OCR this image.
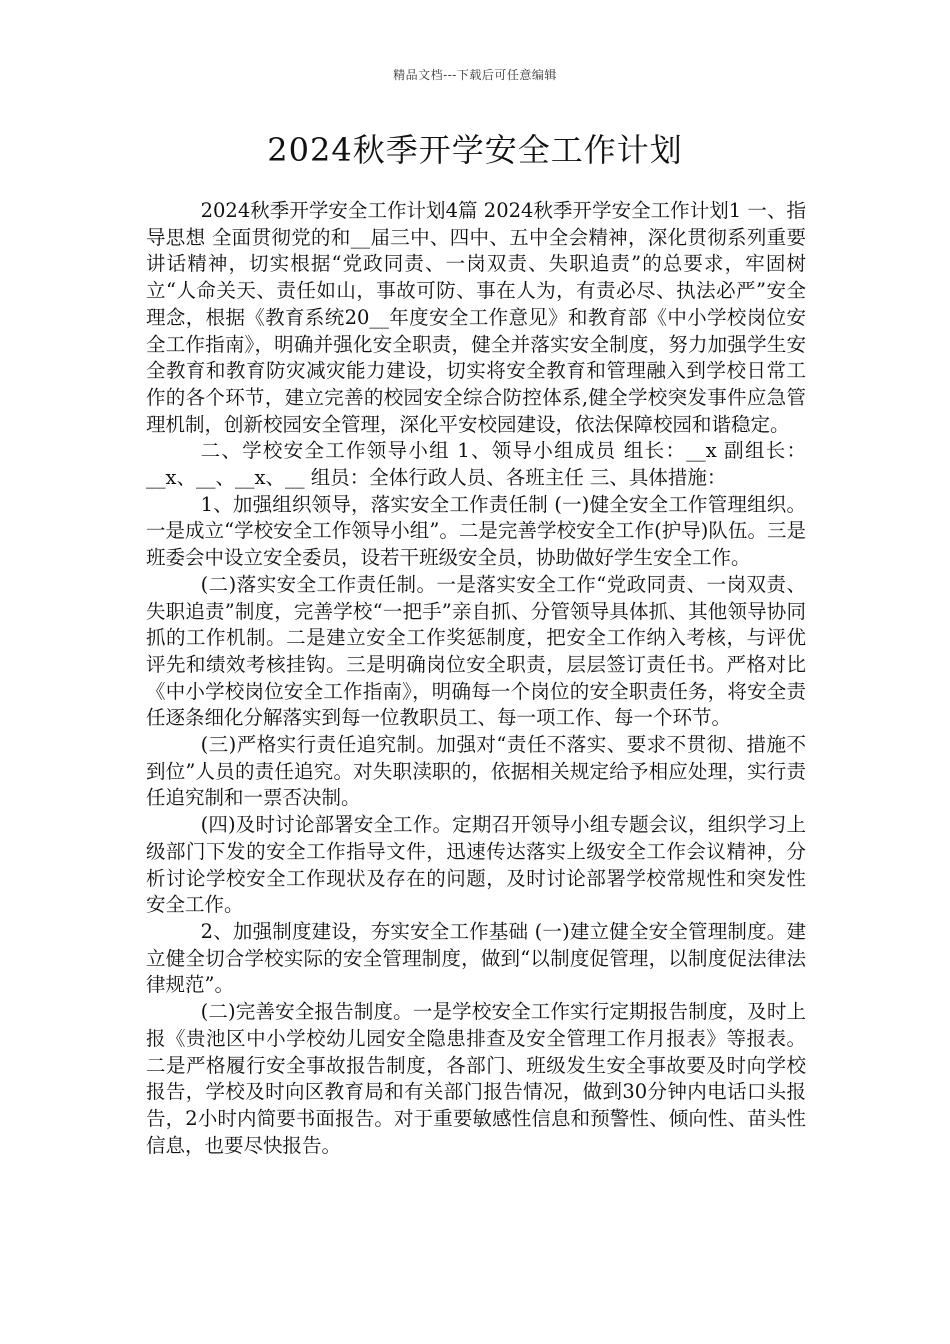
精品文档---下载后可任意编辑
2024秋季开学安全工作计划

2024秋季开学安全工作计划4篇 2024秋季开学安全工作计划1 一、指导思想 全面贯彻党的和__届三中、四中、五中全会精神，深化贯彻系列重要讲话精神，切实根据“党政同责、一岗双责、失职追责”的总要求，牢固树立“人命关天、责任如山，事故可防、事在人为，有责必尽、执法必严”安全理念，根据《教育系统20__年度安全工作意见》和教育部《中小学校岗位安全工作指南》，明确并强化安全职责，健全并落实安全制度，努力加强学生安全教育和教育防灾减灾能力建设，切实将安全教育和管理融入到学校日常工作的各个环节，建立完善的校园安全综合防控体系,健全学校突发事件应急管理机制，创新校园安全管理，深化平安校园建设，依法保障校园和谐稳定。

二、学校安全工作领导小组 1、领导小组成员 组长：__x 副组长：__x、__、__x、__ 组员：全体行政人员、各班主任 三、具体措施：

1、加强组织领导，落实安全工作责任制 (一)健全安全工作管理组织。一是成立“学校安全工作领导小组”。二是完善学校安全工作(护导)队伍。三是班委会中设立安全委员，设若干班级安全员，协助做好学生安全工作。

(二)落实安全工作责任制。一是落实安全工作“党政同责、一岗双责、失职追责”制度，完善学校“一把手”亲自抓、分管领导具体抓、其他领导协同抓的工作机制。二是建立安全工作奖惩制度，把安全工作纳入考核，与评优评先和绩效考核挂钩。三是明确岗位安全职责，层层签订责任书。严格对比《中小学校岗位安全工作指南》，明确每一个岗位的安全职责任务，将安全责任逐条细化分解落实到每一位教职员工、每一项工作、每一个环节。

(三)严格实行责任追究制。加强对“责任不落实、要求不贯彻、措施不到位”人员的责任追究。对失职渎职的，依据相关规定给予相应处理，实行责任追究制和一票否决制。

(四)及时讨论部署安全工作。定期召开领导小组专题会议，组织学习上级部门下发的安全工作指导文件，迅速传达落实上级安全工作会议精神，分析讨论学校安全工作现状及存在的问题，及时讨论部署学校常规性和突发性安全工作。

2、加强制度建设，夯实安全工作基础 (一)建立健全安全管理制度。建立健全切合学校实际的安全管理制度，做到“以制度促管理，以制度促法律法律规范”。

(二)完善安全报告制度。一是学校安全工作实行定期报告制度，及时上报《贵池区中小学校幼儿园安全隐患排查及安全管理工作月报表》等报表。二是严格履行安全事故报告制度，各部门、班级发生安全事故要及时向学校报告，学校及时向区教育局和有关部门报告情况，做到30分钟内电话口头报告，2小时内简要书面报告。对于重要敏感性信息和预警性、倾向性、苗头性信息，也要尽快报告。
